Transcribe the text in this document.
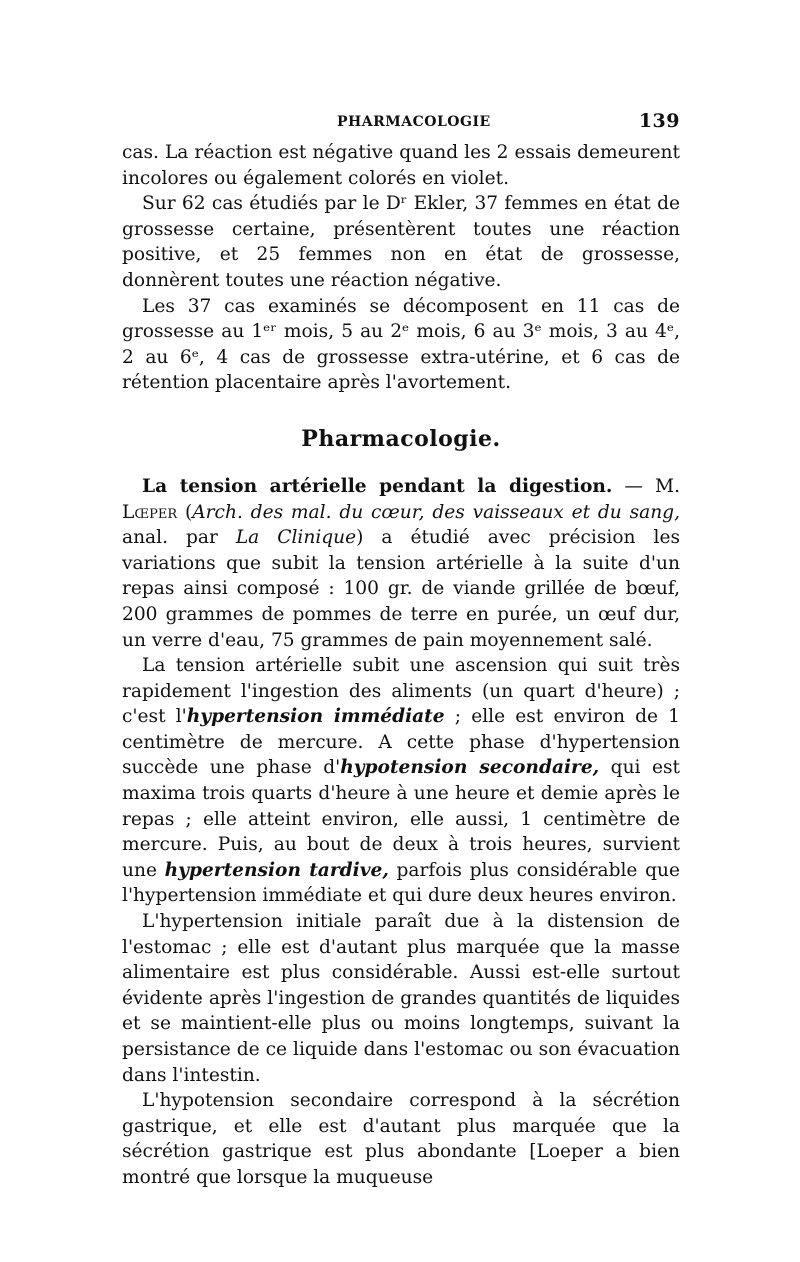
PHARMACOLOGIE	139

cas. La réaction est négative quand les 2 essais demeurent incolores ou également colorés en violet.

Sur 62 cas étudiés par le Dʳ Ekler, 37 femmes en état de grossesse certaine, présentèrent toutes une réaction positive, et 25 femmes non en état de grossesse, donnèrent toutes une réaction négative.

Les 37 cas examinés se décomposent en 11 cas de grossesse au 1ᵉʳ mois, 5 au 2ᵉ mois, 6 au 3ᵉ mois, 3 au 4ᵉ, 2 au 6ᵉ, 4 cas de grossesse extra-utérine, et 6 cas de rétention placentaire après l'avortement.

Pharmacologie.

La tension artérielle pendant la digestion. — M. Lœper (Arch. des mal. du cœur, des vaisseaux et du sang, anal. par La Clinique) a étudié avec précision les variations que subit la tension artérielle à la suite d'un repas ainsi composé : 100 gr. de viande grillée de bœuf, 200 grammes de pommes de terre en purée, un œuf dur, un verre d'eau, 75 grammes de pain moyennement salé.

La tension artérielle subit une ascension qui suit très rapidement l'ingestion des aliments (un quart d'heure) ; c'est l'hypertension immédiate ; elle est environ de 1 centimètre de mercure. A cette phase d'hypertension succède une phase d'hypotension secondaire, qui est maxima trois quarts d'heure à une heure et demie après le repas ; elle atteint environ, elle aussi, 1 centimètre de mercure. Puis, au bout de deux à trois heures, survient une hypertension tardive, parfois plus considérable que l'hypertension immédiate et qui dure deux heures environ.

L'hypertension initiale paraît due à la distension de l'estomac ; elle est d'autant plus marquée que la masse alimentaire est plus considérable. Aussi est-elle surtout évidente après l'ingestion de grandes quantités de liquides et se maintient-elle plus ou moins longtemps, suivant la persistance de ce liquide dans l'estomac ou son évacuation dans l'intestin.

L'hypotension secondaire correspond à la sécrétion gastrique, et elle est d'autant plus marquée que la sécrétion gastrique est plus abondante [Loeper a bien montré que lorsque la muqueuse
